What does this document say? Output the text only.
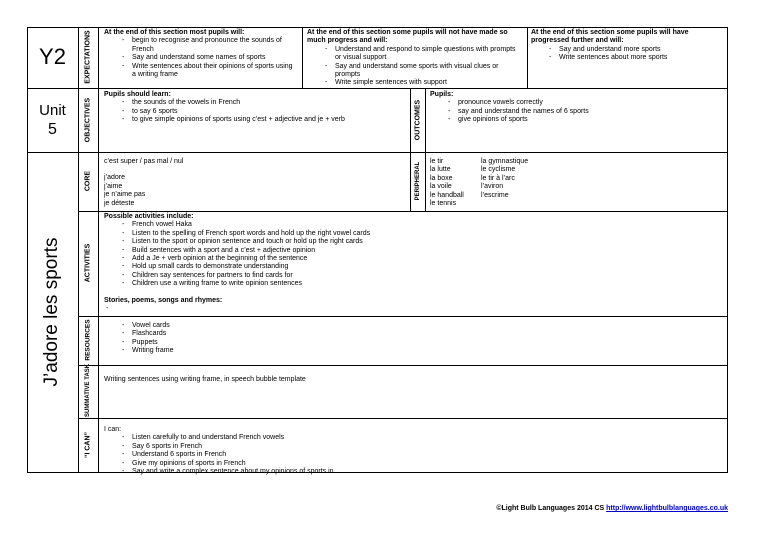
Y2
Unit
5
J’adore les sports
EXPECTATIONS
OBJECTIVES
CORE
ACTIVITIES
RESOURCES
SUMMATIVE TASK
“I CAN”
OUTCOMES
PERIPHERAL
At the end of this section most pupils will:
- begin to recognise and pronounce the sounds of French
- Say and understand some names of sports
- Write sentences about their opinions of sports using a writing frame
At the end of this section some pupils will not have made so much progress and will:
- Understand and respond to simple questions with prompts or visual support
- Say and understand some sports with visual clues or prompts
- Write simple sentences with support
At the end of this section some pupils will have progressed further and will:
- Say and understand more sports
- Write sentences about more sports
Pupils should learn:
- the sounds of the vowels in French
- to say 6 sports
- to give simple opinions of sports using c’est + adjective and je + verb
Pupils:
- pronounce vowels correctly
- say and understand the names of 6 sports
- give opinions of sports
c’est super / pas mal / nul
j’adore
j’aime
je n’aime pas
je déteste
le tir
la lutte
la boxe
la voile
le handball
le tennis
la gymnastique
le cyclisme
le tir à l’arc
l’aviron
l’escrime
Possible activities include:
- French vowel Haka
- Listen to the spelling of French sport words and hold up the right vowel cards
- Listen to the sport or opinion sentence and touch or hold up the right cards
- Build sentences with a sport and a c’est + adjective opinion
- Add a Je + verb opinion at the beginning of the sentence
- Hold up small cards to demonstrate understanding
- Children say sentences for partners to find cards for
- Children use a writing frame to write opinion sentences
Stories, poems, songs and rhymes:
- Vowel cards
- Flashcards
- Puppets
- Writing frame
Writing sentences using writing frame, in speech bubble template
I can:
- Listen carefully to and understand French vowels
- Say 6 sports in French
- Understand 6 sports in French
- Give my opinions of sports in French
- Say and write a complex sentence about my opinions of sports in
©Light Bulb Languages 2014 CS http://www.lightbulblanguages.co.uk
